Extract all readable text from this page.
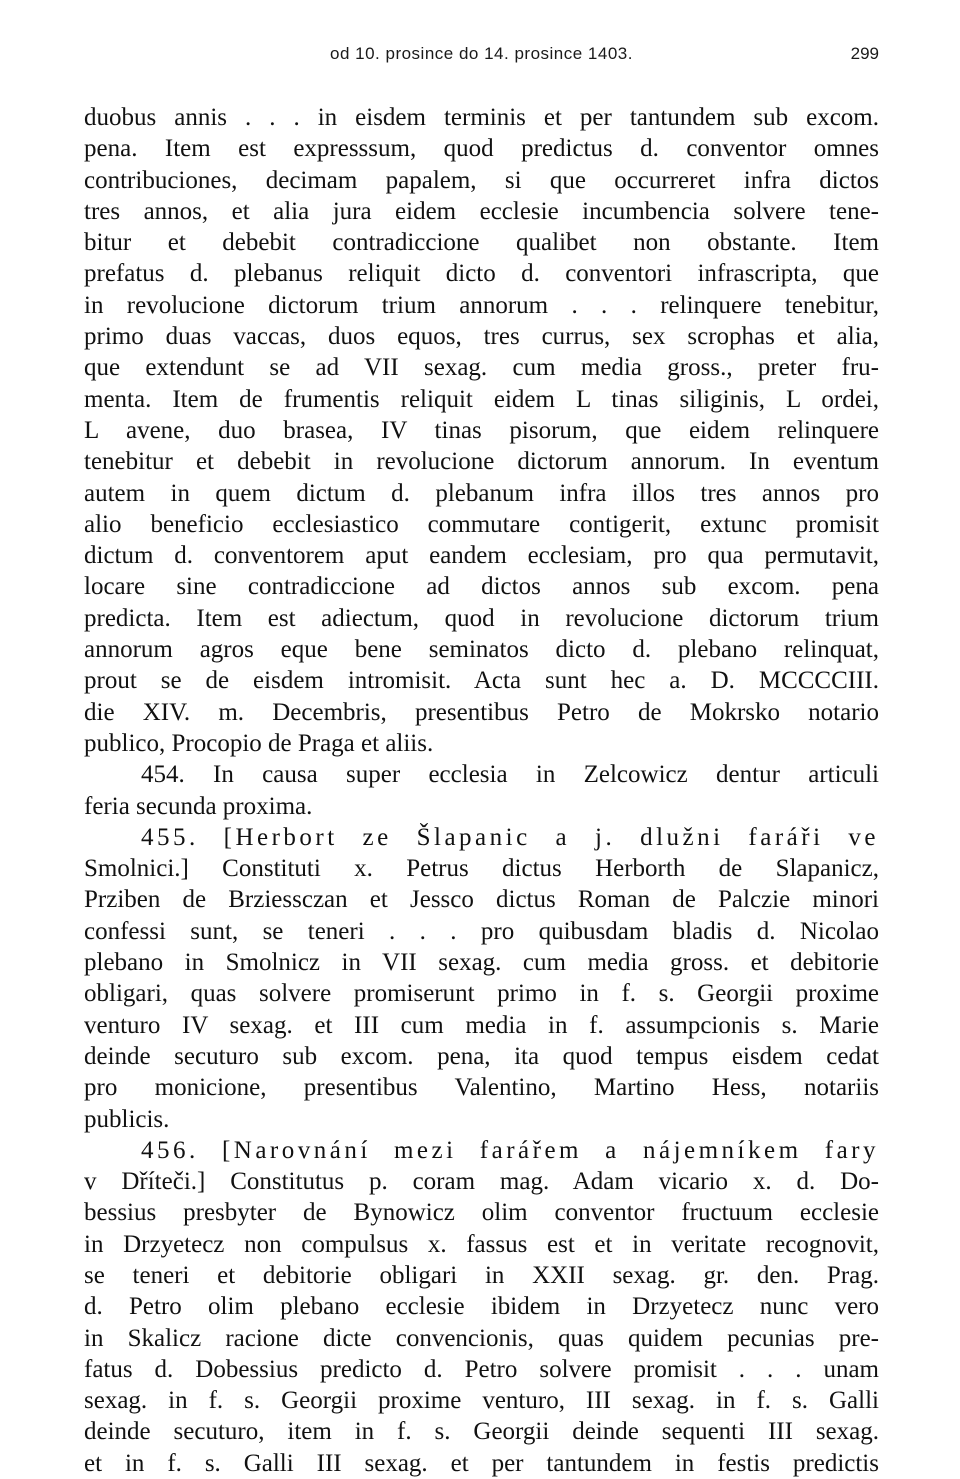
od 10. prosince do 14. prosince 1403.	299
duobus annis . . . in eisdem terminis et per tantundem sub excom.
pena. Item est expresssum, quod predictus d. conventor omnes
contribuciones, decimam papalem, si que occurreret infra dictos
tres annos, et alia jura eidem ecclesie incumbencia solvere tene-
bitur et debebit contradiccione qualibet non obstante. Item
prefatus d. plebanus reliquit dicto d. conventori infrascripta, que
in revolucione dictorum trium annorum . . . relinquere tenebitur,
primo duas vaccas, duos equos, tres currus, sex scrophas et alia,
que extendunt se ad VII sexag. cum media gross., preter fru-
menta. Item de frumentis reliquit eidem L tinas siliginis, L ordei,
L avene, duo brasea, IV tinas pisorum, que eidem relinquere
tenebitur et debebit in revolucione dictorum annorum. In eventum
autem in quem dictum d. plebanum infra illos tres annos pro
alio beneficio ecclesiastico commutare contigerit, extunc promisit
dictum d. conventorem aput eandem ecclesiam, pro qua permutavit,
locare sine contradiccione ad dictos annos sub excom. pena
predicta. Item est adiectum, quod in revolucione dictorum trium
annorum agros eque bene seminatos dicto d. plebano relinquat,
prout se de eisdem intromisit. Acta sunt hec a. D. MCCCCIII.
die XIV. m. Decembris, presentibus Petro de Mokrsko notario
publico, Procopio de Praga et aliis.
454. In causa super ecclesia in Zelcowicz dentur articuli
feria secunda proxima.
455. [Herbort ze Šlapanic a j. dlužni faráři ve
Smolnici.] Constituti x. Petrus dictus Herborth de Slapanicz,
Prziben de Brziessczan et Jessco dictus Roman de Palczie minori
confessi sunt, se teneri . . . pro quibusdam bladis d. Nicolao
plebano in Smolnicz in VII sexag. cum media gross. et debitorie
obligari, quas solvere promiserunt primo in f. s. Georgii proxime
venturo IV sexag. et III cum media in f. assumpcionis s. Marie
deinde secuturo sub excom. pena, ita quod tempus eisdem cedat
pro monicione, presentibus Valentino, Martino Hess, notariis
publicis.
456. [Narovnání mezi farářem a nájemníkem fary
v Dříteči.] Constitutus p. coram mag. Adam vicario x. d. Do-
bessius presbyter de Bynowicz olim conventor fructuum ecclesie
in Drzyetecz non compulsus x. fassus est et in veritate recognovit,
se teneri et debitorie obligari in XXII sexag. gr. den. Prag.
d. Petro olim plebano ecclesie ibidem in Drzyetecz nunc vero
in Skalicz racione dicte convencionis, quas quidem pecunias pre-
fatus d. Dobessius predicto d. Petro solvere promisit . . . unam
sexag. in f. s. Georgii proxime venturo, III sexag. in f. s. Galli
deinde secuturo, item in f. s. Georgii deinde sequenti III sexag.
et in f. s. Galli III sexag. et per tantundem in festis predictis
